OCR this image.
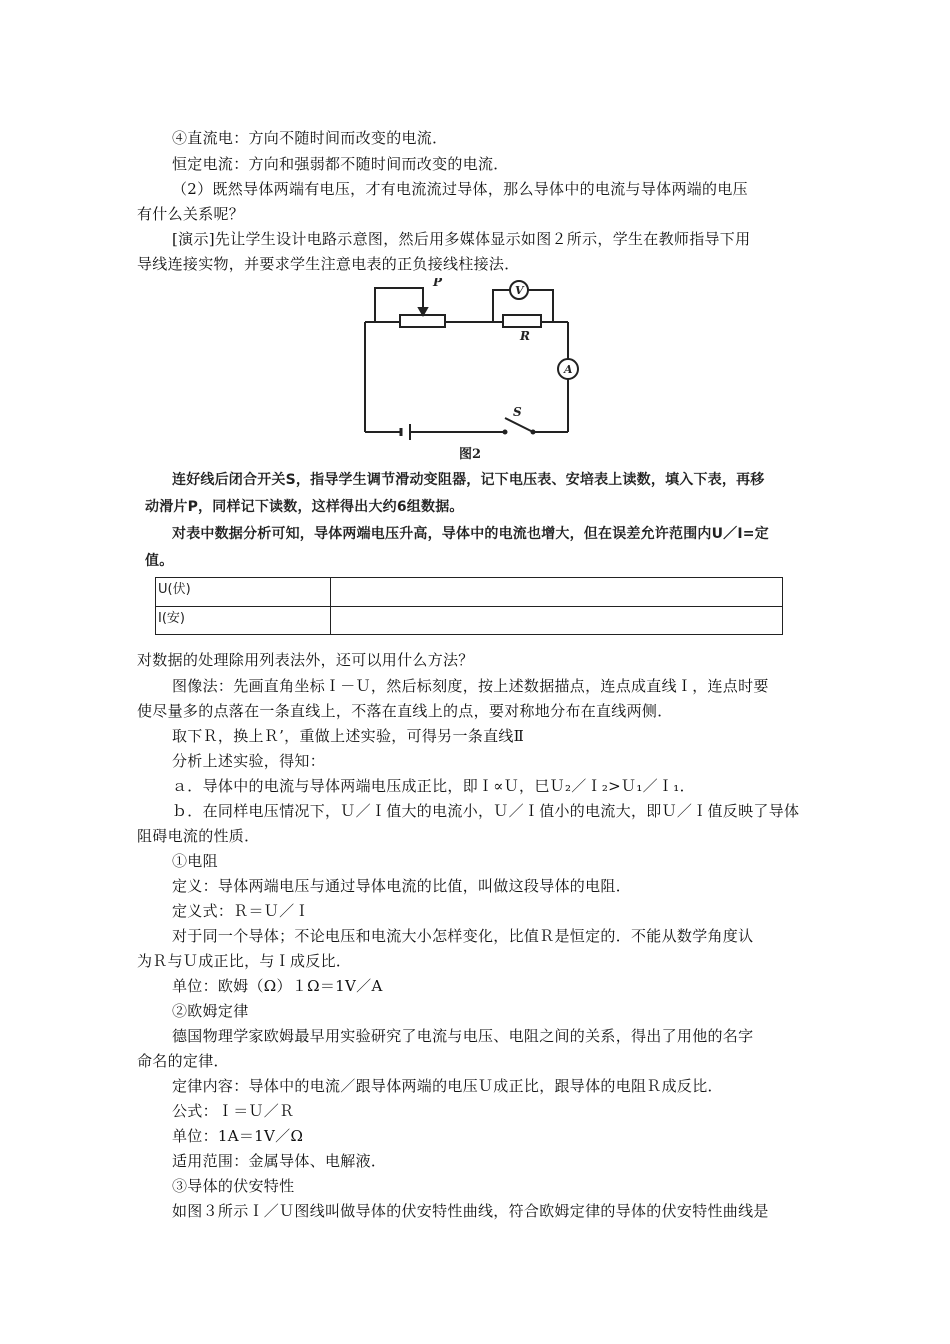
④直流电：方向不随时间而改变的电流．
恒定电流：方向和强弱都不随时间而改变的电流．
（2）既然导体两端有电压，才有电流流过导体，那么导体中的电流与导体两端的电压
有什么关系呢？
[演示]先让学生设计电路示意图，然后用多媒体显示如图２所示，学生在教师指导下用
导线连接实物，并要求学生注意电表的正负接线柱接法．
P
V
R
A
S
图2
连好线后闭合开关S，指导学生调节滑动变阻器，记下电压表、安培表上读数，填入下表，再移
动滑片P，同样记下读数，这样得出大约6组数据。
对表中数据分析可知，导体两端电压升高，导体中的电流也增大，但在误差允许范围内U／I=定
值。
U(伏)	
I(安)	
对数据的处理除用列表法外，还可以用什么方法？
图像法：先画直角坐标Ｉ－Ｕ，然后标刻度，按上述数据描点，连点成直线Ｉ，连点时要
使尽量多的点落在一条直线上，不落在直线上的点，要对称地分布在直线两侧．
取下Ｒ，换上Ｒ’，重做上述实验，可得另一条直线Ⅱ
分析上述实验，得知：
ａ．导体中的电流与导体两端电压成正比，即Ｉ∝Ｕ，巳Ｕ₂／Ｉ₂>Ｕ₁／Ｉ₁．
ｂ．在同样电压情况下，Ｕ／Ｉ值大的电流小，Ｕ／Ｉ值小的电流大，即Ｕ／Ｉ值反映了导体
阻碍电流的性质．
①电阻
定义：导体两端电压与通过导体电流的比值，叫做这段导体的电阻．
定义式：Ｒ＝Ｕ／Ｉ
对于同一个导体；不论电压和电流大小怎样变化，比值Ｒ是恒定的．不能从数学角度认
为Ｒ与Ｕ成正比，与Ｉ成反比．
单位：欧姆（Ω）１Ω＝1V／A
②欧姆定律
德国物理学家欧姆最早用实验研究了电流与电压、电阻之间的关系，得出了用他的名字
命名的定律．
定律内容：导体中的电流／跟导体两端的电压Ｕ成正比，跟导体的电阻Ｒ成反比．
公式：Ｉ＝Ｕ／Ｒ
单位：1A＝1V／Ω
适用范围：金属导体、电解液．
③导体的伏安特性
如图３所示Ｉ／Ｕ图线叫做导体的伏安特性曲线，符合欧姆定律的导体的伏安特性曲线是
